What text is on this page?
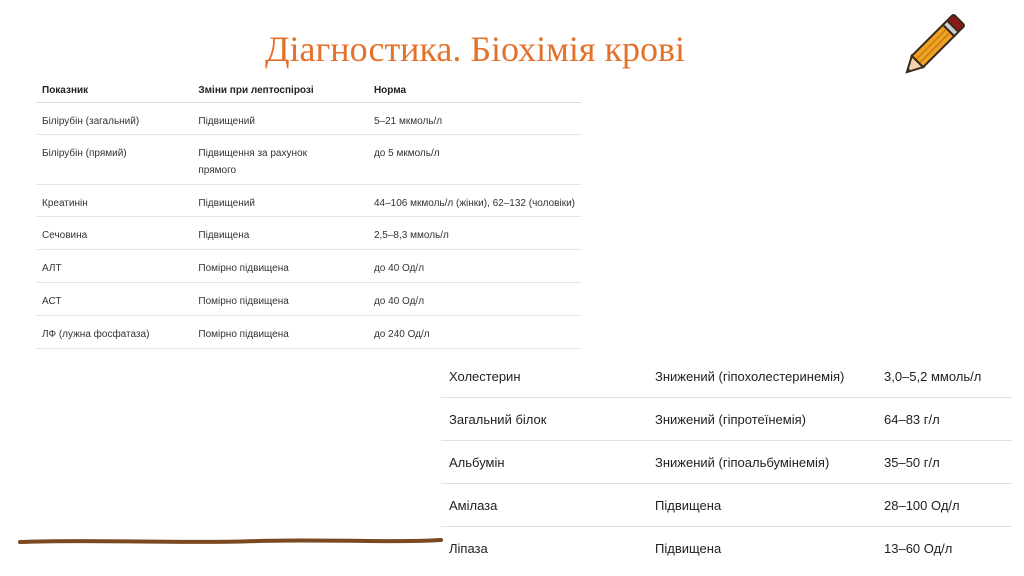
Діагностика. Біохімія крові
Показник	Зміни при лептоспірозі	Норма
Білірубін (загальний)	Підвищений	5–21 мкмоль/л
Білірубін (прямий)	Підвищення за рахунок прямого	до 5 мкмоль/л
Креатинін	Підвищений	44–106 мкмоль/л (жінки), 62–132 (чоловіки)
Сечовина	Підвищена	2,5–8,3 ммоль/л
АЛТ	Помірно підвищена	до 40 Од/л
АСТ	Помірно підвищена	до 40 Од/л
ЛФ (лужна фосфатаза)	Помірно підвищена	до 240 Од/л
Холестерин	Знижений (гіпохолестеринемія)	3,0–5,2 ммоль/л
Загальний білок	Знижений (гіпротеїнемія)	64–83 г/л
Альбумін	Знижений (гіпоальбумінемія)	35–50 г/л
Амілаза	Підвищена	28–100 Од/л
Ліпаза	Підвищена	13–60 Од/л
